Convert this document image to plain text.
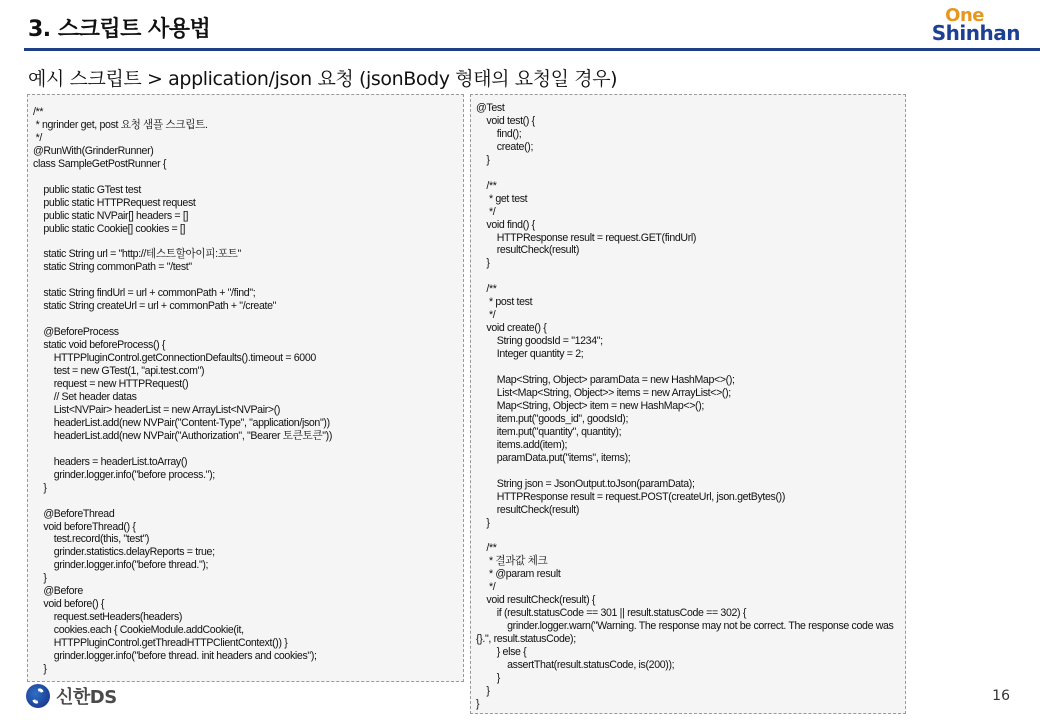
3. 스크립트 사용법
One
Shinhan
예시 스크립트 > application/json 요청 (jsonBody 형태의 요청일 경우)
/**
* ngrinder get, post 요청 샘플 스크립트.
*/
@RunWith(GrinderRunner)
class SampleGetPostRunner {

public static GTest test
public static HTTPRequest request
public static NVPair[] headers = []
public static Cookie[] cookies = []

static String url = "http://테스트할아이피:포트"
static String commonPath = "/test"

static String findUrl = url + commonPath + "/find";
static String createUrl = url + commonPath + "/create"

@BeforeProcess
static void beforeProcess() {
HTTPPluginControl.getConnectionDefaults().timeout = 6000
test = new GTest(1, "api.test.com")
request = new HTTPRequest()
// Set header datas
List<NVPair> headerList = new ArrayList<NVPair>()
headerList.add(new NVPair("Content-Type", "application/json"))
headerList.add(new NVPair("Authorization", "Bearer 토큰토큰"))

headers = headerList.toArray()
grinder.logger.info("before process.");
}

@BeforeThread
void beforeThread() {
test.record(this, "test")
grinder.statistics.delayReports = true;
grinder.logger.info("before thread.");
}
@Before
void before() {
request.setHeaders(headers)
cookies.each { CookieModule.addCookie(it,
HTTPPluginControl.getThreadHTTPClientContext()) }
grinder.logger.info("before thread. init headers and cookies");
}
@Test
void test() {
find();
create();
}

/**
* get test
*/
void find() {
HTTPResponse result = request.GET(findUrl)
resultCheck(result)
}

/**
* post test
*/
void create() {
String goodsId = "1234";
Integer quantity = 2;

Map<String, Object> paramData = new HashMap<>();
List<Map<String, Object>> items = new ArrayList<>();
Map<String, Object> item = new HashMap<>();
item.put("goods_id", goodsId);
item.put("quantity", quantity);
items.add(item);
paramData.put("items", items);

String json = JsonOutput.toJson(paramData);
HTTPResponse result = request.POST(createUrl, json.getBytes())
resultCheck(result)
}

/**
* 결과값 체크
* @param result
*/
void resultCheck(result) {
if (result.statusCode == 301 || result.statusCode == 302) {
grinder.logger.warn("Warning. The response may not be correct. The response code was {}.", result.statusCode);
} else {
assertThat(result.statusCode, is(200));
}
}
}
신한DS	16
